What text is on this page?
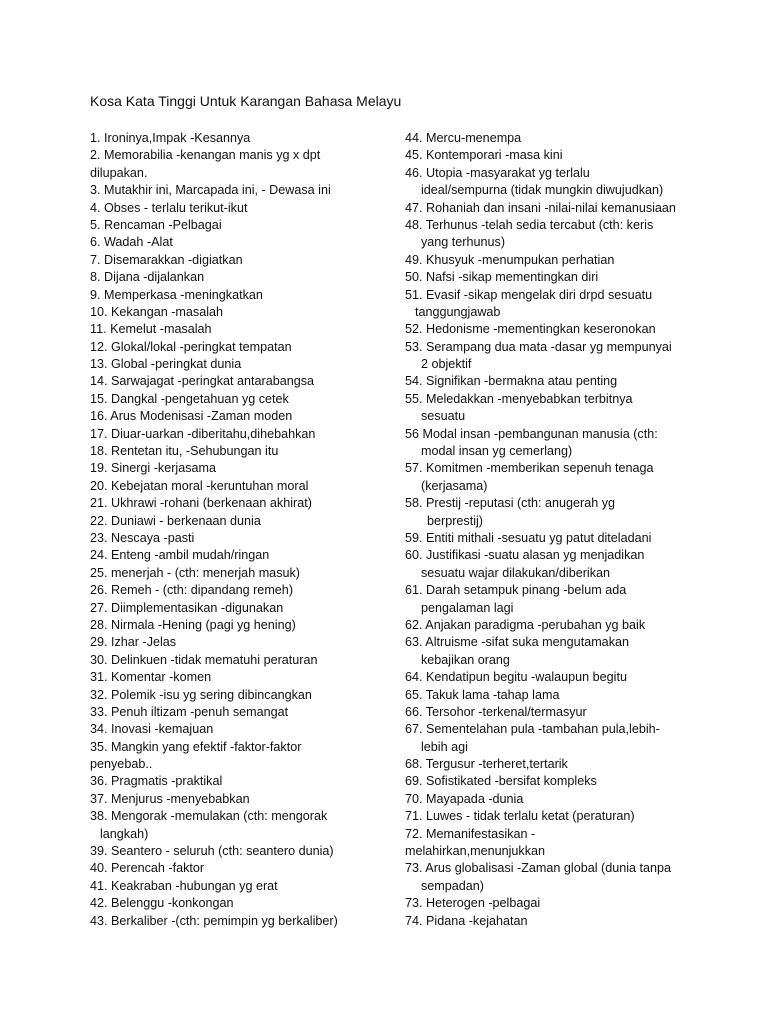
Kosa Kata Tinggi Untuk Karangan Bahasa Melayu
1. Ironinya,Impak -Kesannya
2. Memorabilia -kenangan manis yg x dpt
dilupakan.
3. Mutakhir ini, Marcapada ini, - Dewasa ini
4. Obses - terlalu terikut-ikut
5. Rencaman -Pelbagai
6. Wadah -Alat
7. Disemarakkan -digiatkan
8. Dijana -dijalankan
9. Memperkasa -meningkatkan
10. Kekangan -masalah
11. Kemelut -masalah
12. Glokal/lokal -peringkat tempatan
13. Global -peringkat dunia
14. Sarwajagat -peringkat antarabangsa
15. Dangkal -pengetahuan yg cetek
16. Arus Modenisasi -Zaman moden
17. Diuar-uarkan -diberitahu,dihebahkan
18. Rentetan itu, -Sehubungan itu
19. Sinergi -kerjasama
20. Kebejatan moral -keruntuhan moral
21. Ukhrawi -rohani (berkenaan akhirat)
22. Duniawi - berkenaan dunia
23. Nescaya -pasti
24. Enteng -ambil mudah/ringan
25. menerjah - (cth: menerjah masuk)
26. Remeh - (cth: dipandang remeh)
27. Diimplementasikan -digunakan
28. Nirmala -Hening (pagi yg hening)
29. Izhar -Jelas
30. Delinkuen -tidak mematuhi peraturan
31. Komentar -komen
32. Polemik -isu yg sering dibincangkan
33. Penuh iltizam -penuh semangat
34. Inovasi -kemajuan
35. Mangkin yang efektif -faktor-faktor
penyebab..
36. Pragmatis -praktikal
37. Menjurus -menyebabkan
38. Mengorak -memulakan (cth: mengorak
langkah)
39. Seantero - seluruh (cth: seantero dunia)
40. Perencah -faktor
41. Keakraban -hubungan yg erat
42. Belenggu -konkongan
43. Berkaliber -(cth: pemimpin yg berkaliber)
44. Mercu-menempa
45. Kontemporari -masa kini
46. Utopia -masyarakat yg terlalu
ideal/sempurna (tidak mungkin diwujudkan)
47. Rohaniah dan insani -nilai-nilai kemanusiaan
48. Terhunus -telah sedia tercabut (cth: keris
yang terhunus)
49. Khusyuk -menumpukan perhatian
50. Nafsi -sikap mementingkan diri
51. Evasif -sikap mengelak diri drpd sesuatu
tanggungjawab
52. Hedonisme -mementingkan keseronokan
53. Serampang dua mata -dasar yg mempunyai
2 objektif
54. Signifikan -bermakna atau penting
55. Meledakkan -menyebabkan terbitnya
sesuatu
56 Modal insan -pembangunan manusia (cth:
modal insan yg cemerlang)
57. Komitmen -memberikan sepenuh tenaga
(kerjasama)
58. Prestij -reputasi (cth: anugerah yg
berprestij)
59. Entiti mithali -sesuatu yg patut diteladani
60. Justifikasi -suatu alasan yg menjadikan
sesuatu wajar dilakukan/diberikan
61. Darah setampuk pinang -belum ada
pengalaman lagi
62. Anjakan paradigma -perubahan yg baik
63. Altruisme -sifat suka mengutamakan
kebajikan orang
64. Kendatipun begitu -walaupun begitu
65. Takuk lama -tahap lama
66. Tersohor -terkenal/termasyur
67. Sementelahan pula -tambahan pula,lebih-
lebih agi
68. Tergusur -terheret,tertarik
69. Sofistikated -bersifat kompleks
70. Mayapada -dunia
71. Luwes - tidak terlalu ketat (peraturan)
72. Memanifestasikan -
melahirkan,menunjukkan
73. Arus globalisasi -Zaman global (dunia tanpa
sempadan)
73. Heterogen -pelbagai
74. Pidana -kejahatan
